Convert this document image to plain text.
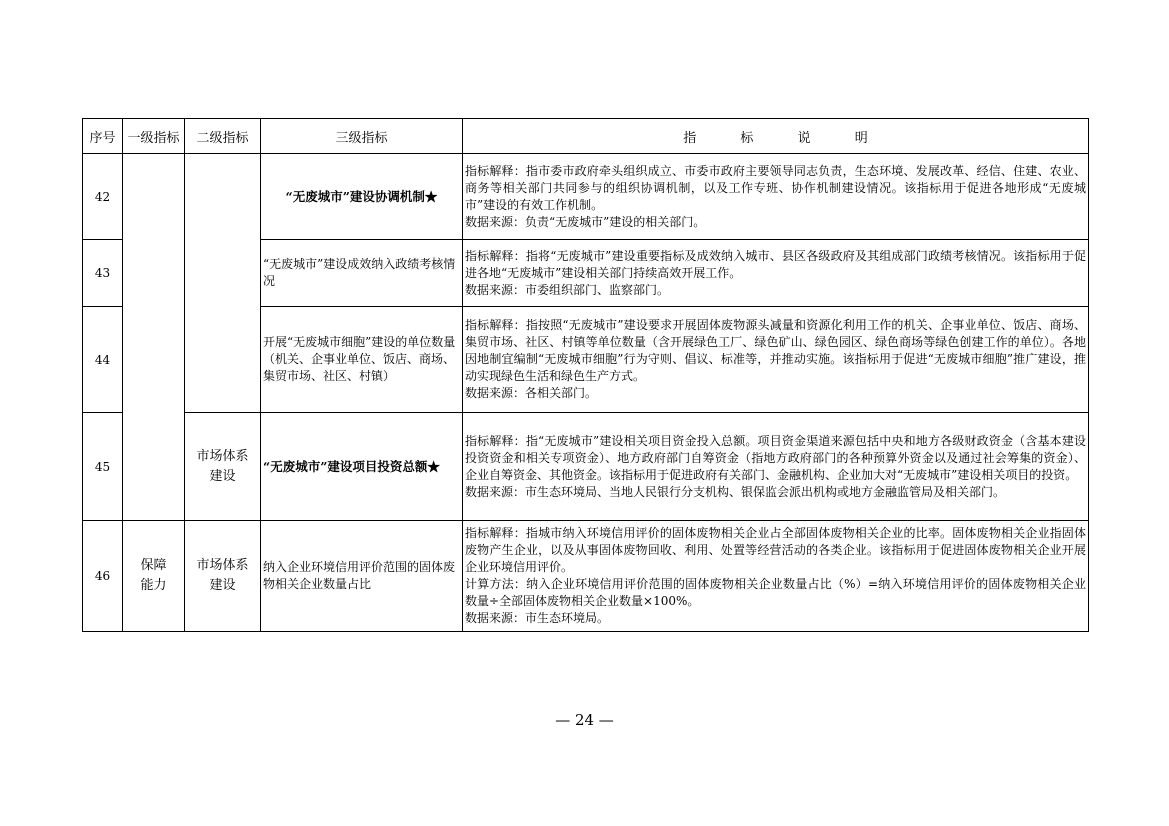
序号	一级指标	二级指标	三级指标	指 标 说 明
42			“无废城市”建设协调机制★	指标解释：指市委市政府牵头组织成立、市委市政府主要领导同志负责，生态环境、发展改革、经信、住建、农业、商务等相关部门共同参与的组织协调机制，以及工作专班、协作机制建设情况。该指标用于促进各地形成“无废城市”建设的有效工作机制。

数据来源：负责“无废城市”建设的相关部门。

43			“无废城市”建设成效纳入政绩考核情况	指标解释：指将“无废城市”建设重要指标及成效纳入城市、县区各级政府及其组成部门政绩考核情况。该指标用于促进各地“无废城市”建设相关部门持续高效开展工作。

数据来源：市委组织部门、监察部门。

44			开展“无废城市细胞”建设的单位数量（机关、企事业单位、饭店、商场、集贸市场、社区、村镇）	指标解释：指按照“无废城市”建设要求开展固体废物源头减量和资源化利用工作的机关、企事业单位、饭店、商场、集贸市场、社区、村镇等单位数量（含开展绿色工厂、绿色矿山、绿色园区、绿色商场等绿色创建工作的单位）。各地因地制宜编制“无废城市细胞”行为守则、倡议、标准等，并推动实施。该指标用于促进“无废城市细胞”推广建设，推动实现绿色生活和绿色生产方式。

数据来源：各相关部门。

45		市场体系建设	“无废城市”建设项目投资总额★	指标解释：指“无废城市”建设相关项目资金投入总额。项目资金渠道来源包括中央和地方各级财政资金（含基本建设投资资金和相关专项资金）、地方政府部门自筹资金（指地方政府部门的各种预算外资金以及通过社会筹集的资金）、企业自筹资金、其他资金。该指标用于促进政府有关部门、金融机构、企业加大对“无废城市”建设相关项目的投资。

数据来源：市生态环境局、当地人民银行分支机构、银保监会派出机构或地方金融监管局及相关部门。

46	保障能力	市场体系建设	纳入企业环境信用评价范围的固体废物相关企业数量占比	指标解释：指城市纳入环境信用评价的固体废物相关企业占全部固体废物相关企业的比率。固体废物相关企业指固体废物产生企业，以及从事固体废物回收、利用、处置等经营活动的各类企业。该指标用于促进固体废物相关企业开展企业环境信用评价。

计算方法：纳入企业环境信用评价范围的固体废物相关企业数量占比（%）=纳入环境信用评价的固体废物相关企业数量÷全部固体废物相关企业数量×100%。

数据来源：市生态环境局。

— 24 —
